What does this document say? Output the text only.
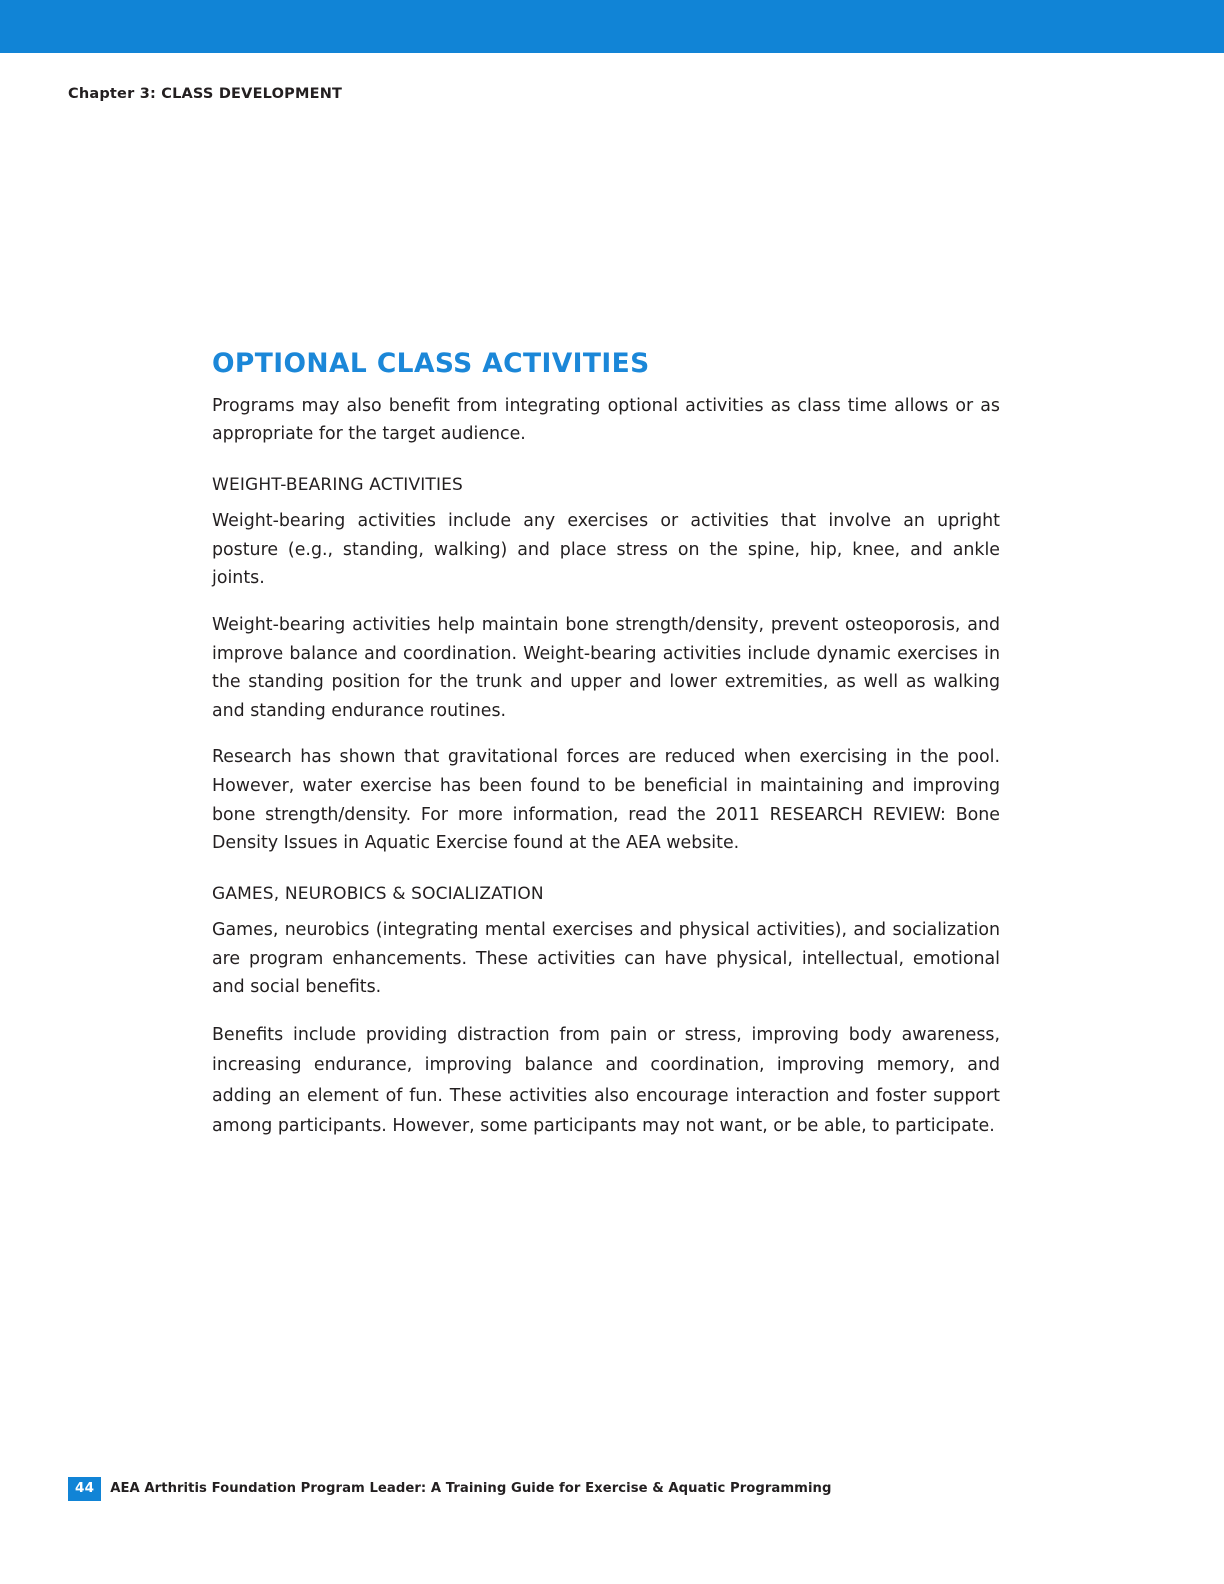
Chapter 3: CLASS DEVELOPMENT
OPTIONAL CLASS ACTIVITIES

Programs may also benefit from integrating optional activities as class time allows or as appropriate for the target audience.

WEIGHT-BEARING ACTIVITIES

Weight-bearing activities include any exercises or activities that involve an upright posture (e.g., standing, walking) and place stress on the spine, hip, knee, and ankle joints.

Weight-bearing activities help maintain bone strength/density, prevent osteoporosis, and improve balance and coordination. Weight-bearing activities include dynamic exercises in the standing position for the trunk and upper and lower extremities, as well as walking and standing endurance routines.

Research has shown that gravitational forces are reduced when exercising in the pool. However, water exercise has been found to be beneficial in maintaining and improving bone strength/density. For more information, read the 2011 RESEARCH REVIEW: Bone Density Issues in Aquatic Exercise found at the AEA website.

GAMES, NEUROBICS & SOCIALIZATION

Games, neurobics (integrating mental exercises and physical activities), and socialization are program enhancements. These activities can have physical, intellectual, emotional and social benefits.

Benefits include providing distraction from pain or stress, improving body awareness, increasing endurance, improving balance and coordination, improving memory, and adding an element of fun. These activities also encourage interaction and foster support among participants. However, some participants may not want, or be able, to participate.

44	AEA Arthritis Foundation Program Leader: A Training Guide for Exercise & Aquatic Programming
